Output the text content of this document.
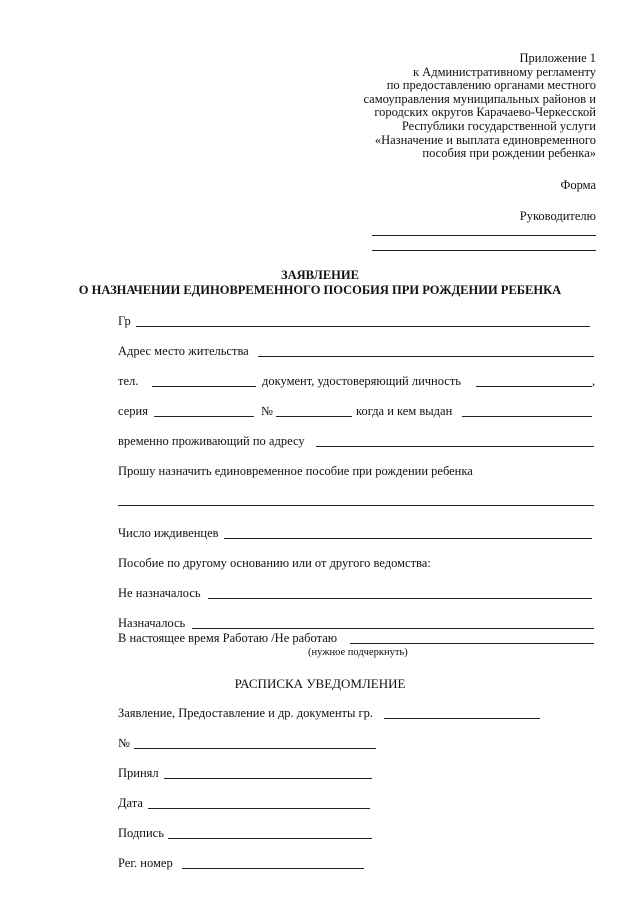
Приложение 1
к Административному регламенту
по предоставлению органами местного
самоуправления муниципальных районов и
городских округов Карачаево-Черкесской
Республики государственной услуги
«Назначение и выплата единовременного
пособия при рождении ребенка»
Форма
Руководителю
ЗАЯВЛЕНИЕ
О НАЗНАЧЕНИИ ЕДИНОВРЕМЕННОГО ПОСОБИЯ ПРИ РОЖДЕНИИ РЕБЕНКА
Гр
Адрес место жительства
тел.	документ, удостоверяющий личность	,
серия	№	когда и кем выдан
временно проживающий по адресу
Прошу назначить единовременное пособие при рождении ребенка
Число иждивенцев
Пособие по другому основанию или от другого ведомства:
Не назначалось
Назначалось
В настоящее время Работаю /Не работаю
(нужное подчеркнуть)
РАСПИСКА УВЕДОМЛЕНИЕ
Заявление, Предоставление и др. документы гр.
№
Принял
Дата
Подпись
Рег. номер
